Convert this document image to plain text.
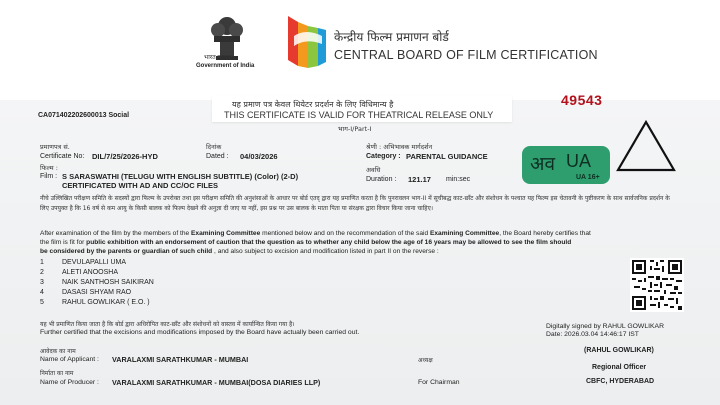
भारत सरकार
Government of India
केन्द्रीय फिल्म प्रमाणन बोर्ड
CENTRAL BOARD OF FILM CERTIFICATION
यह प्रमाण पत्र केवल थियेटर प्रदर्शन के लिए विधिमान्य है
THIS CERTIFICATE IS VALID FOR THEATRICAL RELEASE ONLY
भाग-I/Part-I
49543
CA071402202600013 Social
प्रमाणपत्र सं.
Certificate No: DIL/7/25/2026-HYD
दिनांक
Dated : 04/03/2026
श्रेणी : अभिभावक मार्गदर्शन
Category : PARENTAL GUIDANCE
फिल्म :
Film : S SARASWATHI (TELUGU WITH ENGLISH SUBTITLE) (Color) (2-D)
CERTIFICATED WITH AD AND CC/OC FILES
अवधि
Duration : 121.17 min:sec
अव UA
UA 16+
नीचे उल्लिखित परीक्षण समिति के सदस्यों द्वारा फिल्म के उपरोक्त तथा इस परीक्षण समिति की अनुशंसाओं के आधार पर बोर्ड एतद् द्वारा यह प्रमाणित करता है कि पुनरावलन भाग-II में सूचीबद्ध काट-छाँट और संशोधन के पश्चात यह फिल्म इस चेतावनी के पुष्टीकरण के साथ सार्वजनिक प्रदर्शन के लिए उपयुक्त है कि 16 वर्ष से कम आयु के किसी बालक को फिल्म देखने की अनुज्ञा दी जाए या नहीं, इस प्रश्न पर उस बालक के माता पिता या संरक्षक द्वारा विचार किया जाना चाहिए।
After examination of the film by the members of the Examining Committee mentioned below and on the recommendation of the said Examining Committee, the Board hereby certifies that
the film is fit for public exhibition with an endorsement of caution that the question as to whether any child below the age of 16 years may be allowed to see the film should
be considered by the parents or guardian of such child , and also subject to excision and modification listed in part II on the reverse :
1	DEVULAPALLI UMA
2	ALETI ANOOSHA
3	NAIK SANTHOSH SAIKIRAN
4	DASASI SHYAM RAO
5	RAHUL GOWLIKAR ( E.O. )
यह भी प्रमाणित किया जाता है कि बोर्ड द्वारा अधिरोपित काट-छाँट और संशोधनों को वास्तव में कार्यान्वित किया गया है।
Further certified that the excisions and modifications imposed by the Board have actually been carried out.
Digitally signed by RAHUL GOWLIKAR
Date: 2026.03.04 14:46:17 IST
आवेदक का नाम
Name of Applicant : VARALAXMI SARATHKUMAR - MUMBAI	अध्यक्ष
निर्माता का नाम
Name of Producer : VARALAXMI SARATHKUMAR - MUMBAI(DOSA DIARIES LLP)	For Chairman
(RAHUL GOWLIKAR)
Regional Officer
CBFC, HYDERABAD
